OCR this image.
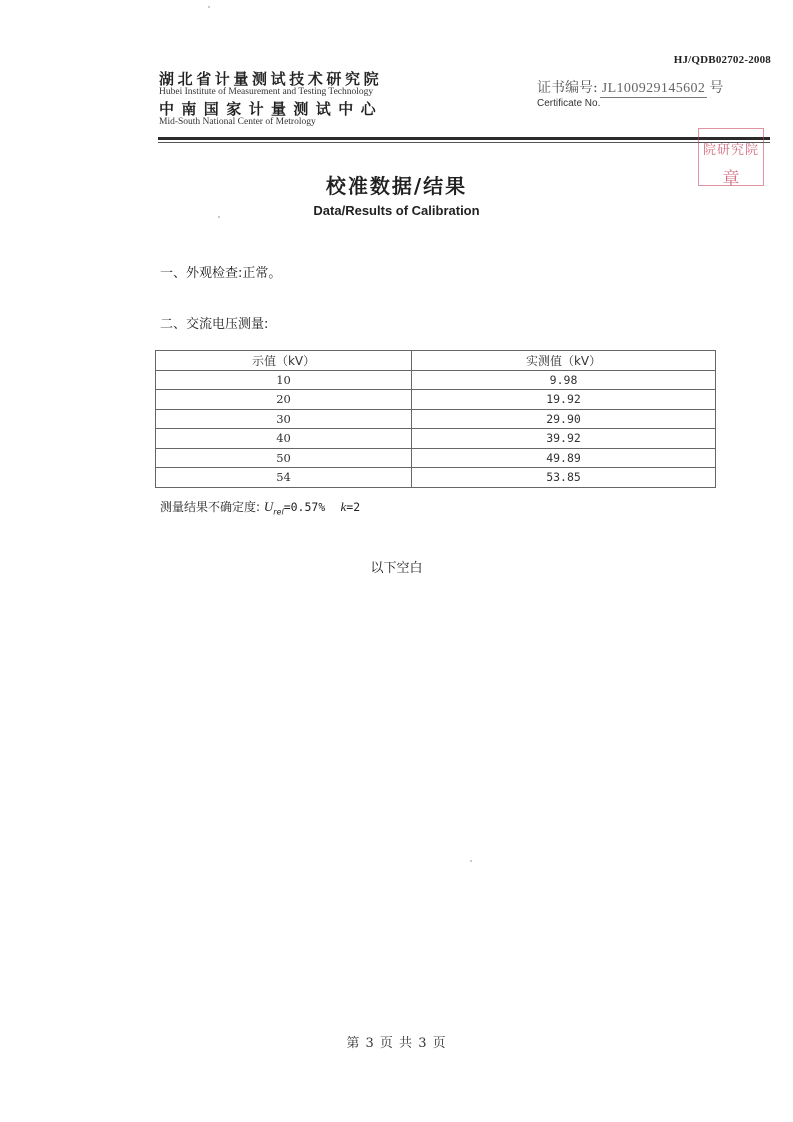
HJ/QDB02702-2008
湖北省计量测试技术研究院
Hubei Institute of Measurement and Testing Technology
中南国家计量测试中心
Mid-South National Center of Metrology
证书编号: JL100929145602 号
Certificate No.
院研究院
章
校准数据/结果
Data/Results of Calibration
一、外观检查:正常。
二、交流电压测量:
示值（kV）	实测值（kV）
10	9.98
20	19.92
30	29.90
40	39.92
50	49.89
54	53.85
测量结果不确定度: $U_{rel}=0.57\%$ k=2
以下空白
第 3 页 共 3 页
